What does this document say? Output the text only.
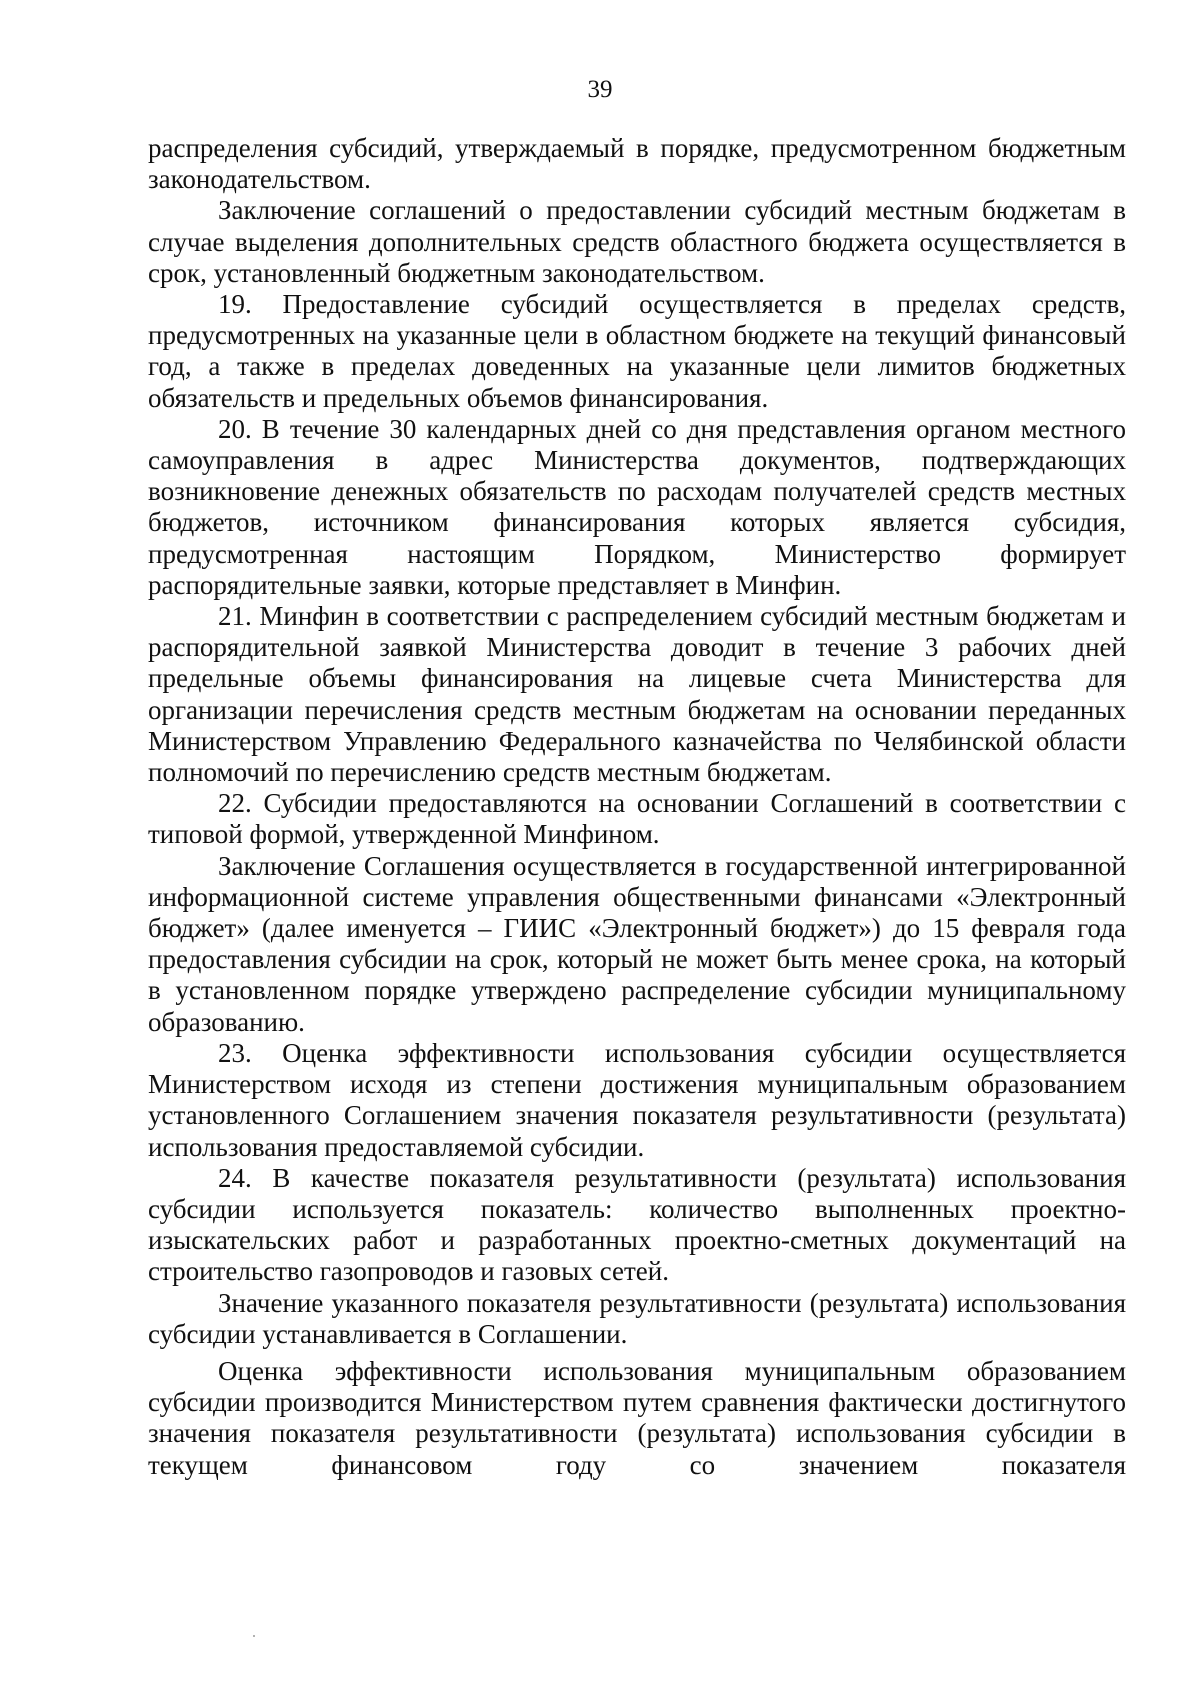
39

распределения субсидий, утверждаемый в порядке, предусмотренном бюджетным законодательством.

Заключение соглашений о предоставлении субсидий местным бюджетам в случае выделения дополнительных средств областного бюджета осуществляется в срок, установленный бюджетным законодательством.

19. Предоставление субсидий осуществляется в пределах средств, предусмотренных на указанные цели в областном бюджете на текущий финансовый год, а также в пределах доведенных на указанные цели лимитов бюджетных обязательств и предельных объемов финансирования.

20. В течение 30 календарных дней со дня представления органом местного самоуправления в адрес Министерства документов, подтверждающих возникновение денежных обязательств по расходам получателей средств местных бюджетов, источником финансирования которых является субсидия, предусмотренная настоящим Порядком, Министерство формирует распорядительные заявки, которые представляет в Минфин.

21. Минфин в соответствии с распределением субсидий местным бюджетам и распорядительной заявкой Министерства доводит в течение 3 рабочих дней предельные объемы финансирования на лицевые счета Министерства для организации перечисления средств местным бюджетам на основании переданных Министерством Управлению Федерального казначейства по Челябинской области полномочий по перечислению средств местным бюджетам.

22. Субсидии предоставляются на основании Соглашений в соответствии с типовой формой, утвержденной Минфином.

Заключение Соглашения осуществляется в государственной интегрированной информационной системе управления общественными финансами «Электронный бюджет» (далее именуется – ГИИС «Электронный бюджет») до 15 февраля года предоставления субсидии на срок, который не может быть менее срока, на который в установленном порядке утверждено распределение субсидии муниципальному образованию.

23. Оценка эффективности использования субсидии осуществляется Министерством исходя из степени достижения муниципальным образованием установленного Соглашением значения показателя результативности (результата) использования предоставляемой субсидии.

24. В качестве показателя результативности (результата) использования субсидии используется показатель: количество выполненных проектно-изыскательских работ и разработанных проектно-сметных документаций на строительство газопроводов и газовых сетей.

Значение указанного показателя результативности (результата) использования субсидии устанавливается в Соглашении.

Оценка эффективности использования муниципальным образованием субсидии производится Министерством путем сравнения фактически достигнутого значения показателя результативности (результата) использования субсидии в текущем финансовом году со значением показателя
